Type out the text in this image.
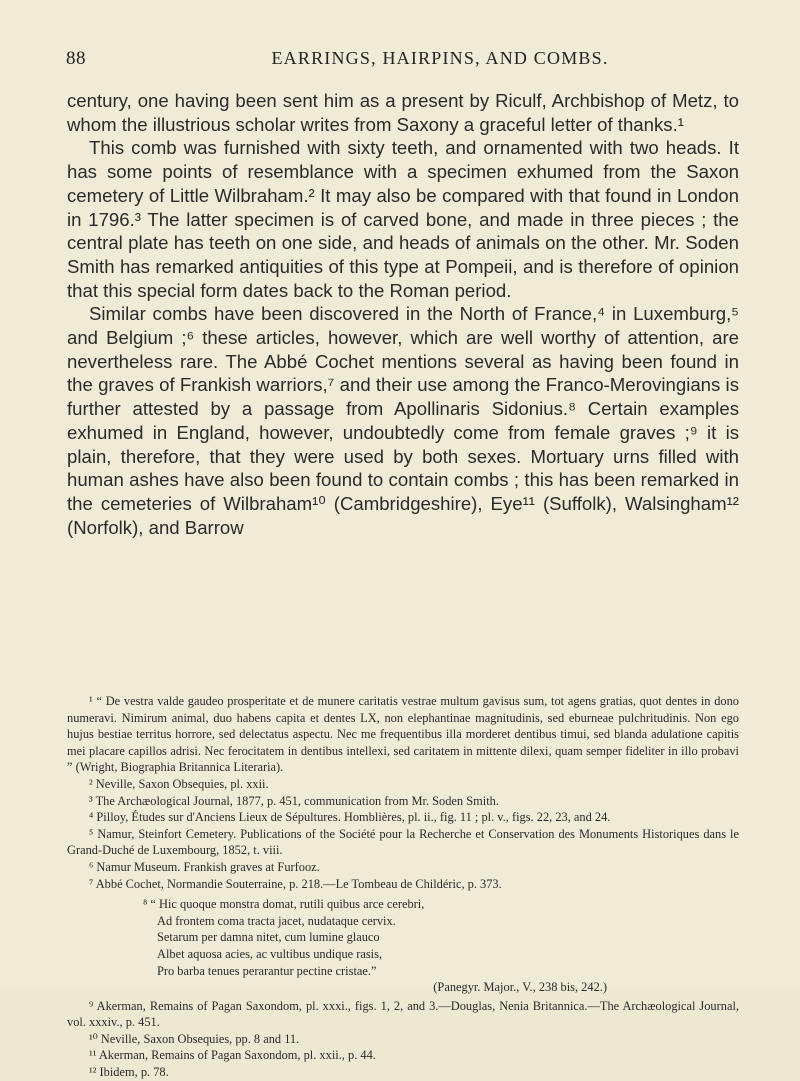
88	EARRINGS, HAIRPINS, AND COMBS.

century, one having been sent him as a present by Riculf, Archbishop of Metz, to whom the illustrious scholar writes from Saxony a graceful letter of thanks.¹

This comb was furnished with sixty teeth, and ornamented with two heads. It has some points of resemblance with a specimen exhumed from the Saxon cemetery of Little Wilbraham.² It may also be compared with that found in London in 1796.³ The latter specimen is of carved bone, and made in three pieces ; the central plate has teeth on one side, and heads of animals on the other. Mr. Soden Smith has remarked antiquities of this type at Pompeii, and is therefore of opinion that this special form dates back to the Roman period.

Similar combs have been discovered in the North of France,⁴ in Luxemburg,⁵ and Belgium ;⁶ these articles, however, which are well worthy of attention, are nevertheless rare. The Abbé Cochet mentions several as having been found in the graves of Frankish warriors,⁷ and their use among the Franco-Merovingians is further attested by a passage from Apollinaris Sidonius.⁸ Certain examples exhumed in England, however, undoubtedly come from female graves ;⁹ it is plain, therefore, that they were used by both sexes. Mortuary urns filled with human ashes have also been found to contain combs ; this has been remarked in the cemeteries of Wilbraham¹⁰ (Cambridgeshire), Eye¹¹ (Suffolk), Walsingham¹² (Norfolk), and Barrow

¹ “ De vestra valde gaudeo prosperitate et de munere caritatis vestrae multum gavisus sum, tot agens gratias, quot dentes in dono numeravi. Nimirum animal, duo habens capita et dentes LX, non elephantinae magnitudinis, sed eburneae pulchritudinis. Non ego hujus bestiae territus horrore, sed delectatus aspectu. Nec me frequentibus illa morderet dentibus timui, sed blanda adulatione capitis mei placare capillos adrisi. Nec ferocitatem in dentibus intellexi, sed caritatem in mittente dilexi, quam semper fideliter in illo probavi ” (Wright, Biographia Britannica Literaria).

² Neville, Saxon Obsequies, pl. xxii.

³ The Archæological Journal, 1877, p. 451, communication from Mr. Soden Smith.

⁴ Pilloy, Études sur d'Anciens Lieux de Sépultures. Homblières, pl. ii., fig. 11 ; pl. v., figs. 22, 23, and 24.

⁵ Namur, Steinfort Cemetery. Publications of the Société pour la Recherche et Conservation des Monuments Historiques dans le Grand-Duché de Luxembourg, 1852, t. viii.

⁶ Namur Museum. Frankish graves at Furfooz.

⁷ Abbé Cochet, Normandie Souterraine, p. 218.—Le Tombeau de Childéric, p. 373.

⁸ “ Hic quoque monstra domat, rutili quibus arce cerebri,
Ad frontem coma tracta jacet, nudataque cervix.
Setarum per damna nitet, cum lumine glauco
Albet aquosa acies, ac vultibus undique rasis,
Pro barba tenues perarantur pectine cristae.”
(Panegyr. Major., V., 238 bis, 242.)

⁹ Akerman, Remains of Pagan Saxondom, pl. xxxi., figs. 1, 2, and 3.—Douglas, Nenia Britannica.—The Archæological Journal, vol. xxxiv., p. 451.

¹⁰ Neville, Saxon Obsequies, pp. 8 and 11.

¹¹ Akerman, Remains of Pagan Saxondom, pl. xxii., p. 44.

¹² Ibidem, p. 78.
